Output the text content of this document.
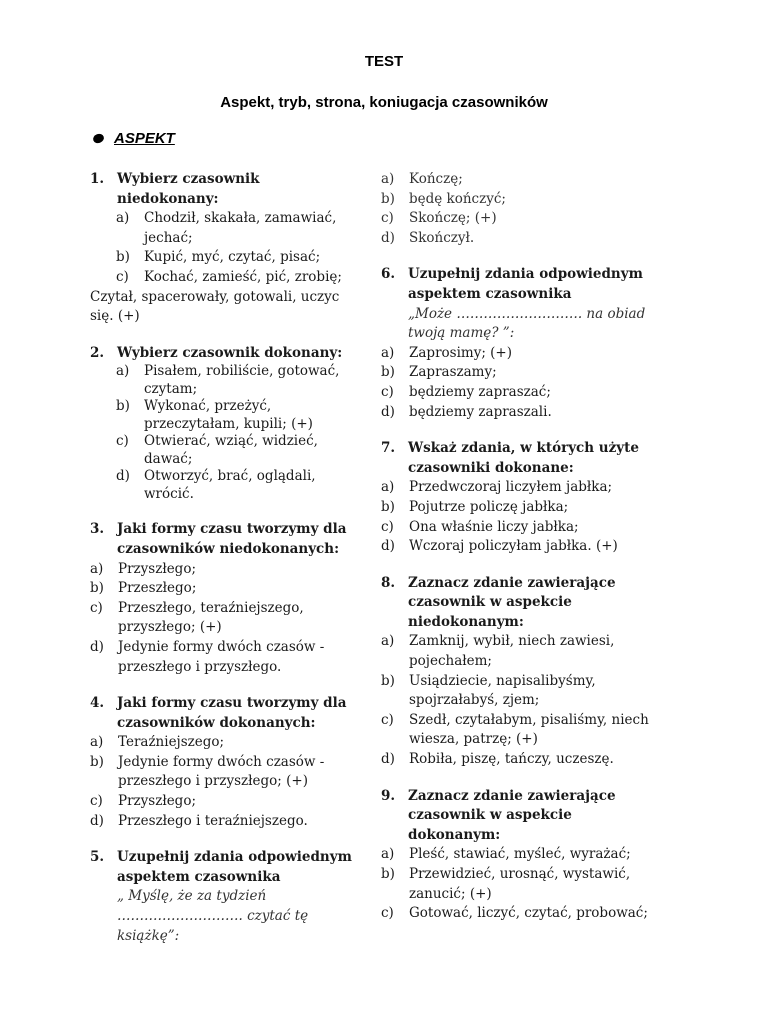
TEST
Aspekt, tryb, strona, koniugacja czasowników
ASPEKT
1. Wybierz czasownik niedokonany:
a)	Chodził, skakała, zamawiać, jechać;
b)	Kupić, myć, czytać, pisać;
c)	Kochać, zamieść, pić, zrobię;
Czytał, spacerowały, gotowali, uczyc się. (+)
2. Wybierz czasownik dokonany:
a)	Pisałem, robiliście, gotować, czytam;
b)	Wykonać, przeżyć, przeczytałam, kupili; (+)
c)	Otwierać, wziąć, widzieć, dawać;
d)	Otworzyć, brać, oglądali, wrócić.
3. Jaki formy czasu tworzymy dla czasowników niedokonanych:
a)	Przyszłego;
b)	Przeszłego;
c)	Przeszłego, teraźniejszego, przyszłego; (+)
d)	Jedynie formy dwóch czasów - przeszłego i przyszłego.
4. Jaki formy czasu tworzymy dla czasowników dokonanych:
a)	Teraźniejszego;
b)	Jedynie formy dwóch czasów - przeszłego i przyszłego; (+)
c)	Przyszłego;
d)	Przeszłego i teraźniejszego.
5. Uzupełnij zdania odpowiednym aspektem czasownika
„ Myślę, że za tydzień ………………………. czytać tę książkę”:
a)	Kończę;
b)	będę kończyć;
c)	Skończę; (+)
d)	Skończył.
6. Uzupełnij zdania odpowiednym aspektem czasownika
„Może ………………………. na obiad twoją mamę? ”:
a)	Zaprosimy; (+)
b)	Zapraszamy;
c)	będziemy zapraszać;
d)	będziemy zapraszali.
7. Wskaż zdania, w których użyte czasowniki dokonane:
a)	Przedwczoraj liczyłem jabłka;
b)	Pojutrze policzę jabłka;
c)	Ona właśnie liczy jabłka;
d)	Wczoraj policzyłam jabłka. (+)
8. Zaznacz zdanie zawierające czasownik w aspekcie niedokonanym:
a)	Zamknij, wybił, niech zawiesi, pojechałem;
b)	Usiądziecie, napisalibyśmy, spojrzałabyś, zjem;
c)	Szedł, czytałabym, pisaliśmy, niech wiesza, patrzę; (+)
d)	Robiła, piszę, tańczy, uczeszę.
9. Zaznacz zdanie zawierające czasownik w aspekcie dokonanym:
a)	Pleść, stawiać, myśleć, wyrażać;
b)	Przewidzieć, urosnąć, wystawić, zanucić; (+)
c)	Gotować, liczyć, czytać, probować;
